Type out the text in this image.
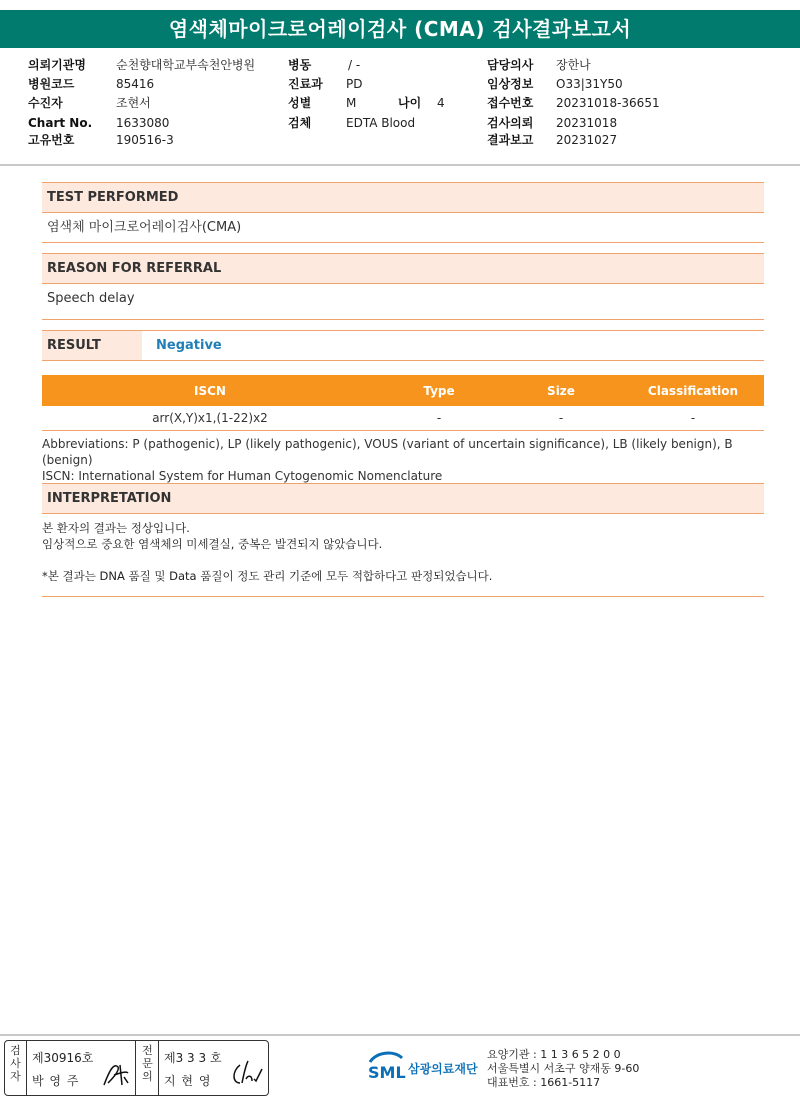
염색체마이크로어레이검사 (CMA) 검사결과보고서
의뢰기관명	순천향대학교부속천안병원	병동	/ -	담당의사 장한나
병원코드	85416	진료과 PD	임상정보 O33|31Y50
수진자	조현서	성별	M	나이 4	접수번호 20231018-36651
Chart No. 1633080	검체	EDTA Blood	검사의뢰 20231018
고유번호	190516-3	결과보고 20231027
TEST PERFORMED
염색체 마이크로어레이검사(CMA)
REASON FOR REFERRAL
Speech delay
RESULT	Negative
ISCN	Type	Size	Classification
arr(X,Y)x1,(1-22)x2	-	-	-
Abbreviations: P (pathogenic), LP (likely pathogenic), VOUS (variant of uncertain significance), LB (likely benign), B (benign)
ISCN: International System for Human Cytogenomic Nomenclature
INTERPRETATION
본 환자의 결과는 정상입니다.
임상적으로 중요한 염색체의 미세결실, 중복은 발견되지 않았습니다.
*본 결과는 DNA 품질 및 Data 품질이 정도 관리 기준에 모두 적합하다고 판정되었습니다.
검사자
제30916호
박 영 주
전문의
제3 3 3 호
지 현 영	SML 삼광의료재단
요양기관 : 1 1 3 6 5 2 0 0
서울특별시 서초구 양재동 9-60
대표번호 : 1661-5117
